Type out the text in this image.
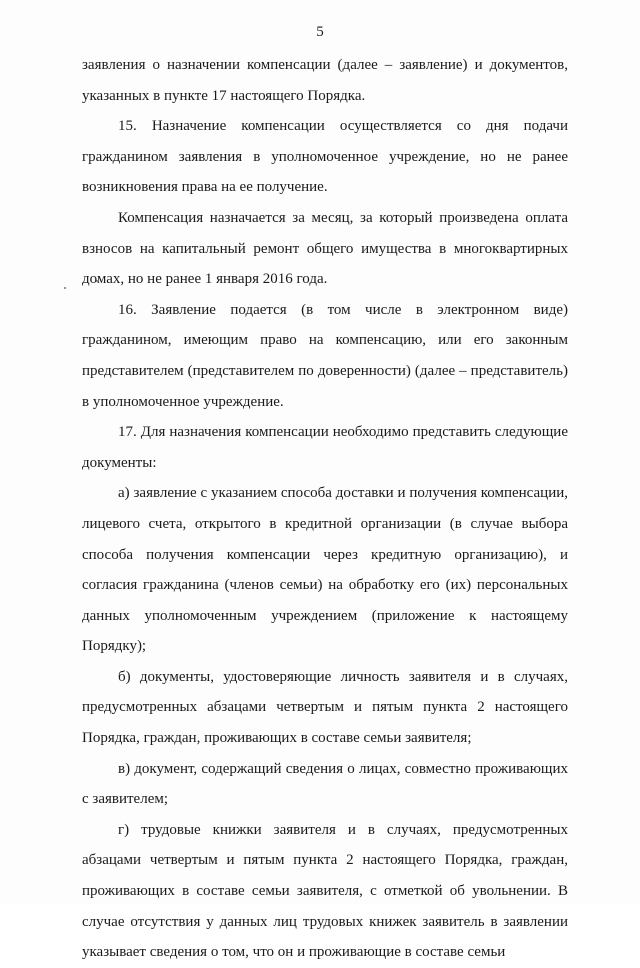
5

заявления о назначении компенсации (далее – заявление) и документов, указанных в пункте 17 настоящего Порядка.

15. Назначение компенсации осуществляется со дня подачи гражданином заявления в уполномоченное учреждение, но не ранее возникновения права на ее получение.

Компенсация назначается за месяц, за который произведена оплата взносов на капитальный ремонт общего имущества в многоквартирных домах, но не ранее 1 января 2016 года.

16. Заявление подается (в том числе в электронном виде) гражданином, имеющим право на компенсацию, или его законным представителем (представителем по доверенности) (далее – представитель) в уполномоченное учреждение.

17. Для назначения компенсации необходимо представить следующие документы:

а) заявление с указанием способа доставки и получения компенсации, лицевого счета, открытого в кредитной организации (в случае выбора способа получения компенсации через кредитную организацию), и согласия гражданина (членов семьи) на обработку его (их) персональных данных уполномоченным учреждением (приложение к настоящему Порядку);

б) документы, удостоверяющие личность заявителя и в случаях, предусмотренных абзацами четвертым и пятым пункта 2 настоящего Порядка, граждан, проживающих в составе семьи заявителя;

в) документ, содержащий сведения о лицах, совместно проживающих с заявителем;

г) трудовые книжки заявителя и в случаях, предусмотренных абзацами четвертым и пятым пункта 2 настоящего Порядка, граждан, проживающих в составе семьи заявителя, с отметкой об увольнении. В случае отсутствия у данных лиц трудовых книжек заявитель в заявлении указывает сведения о том, что он и проживающие в составе семьи
